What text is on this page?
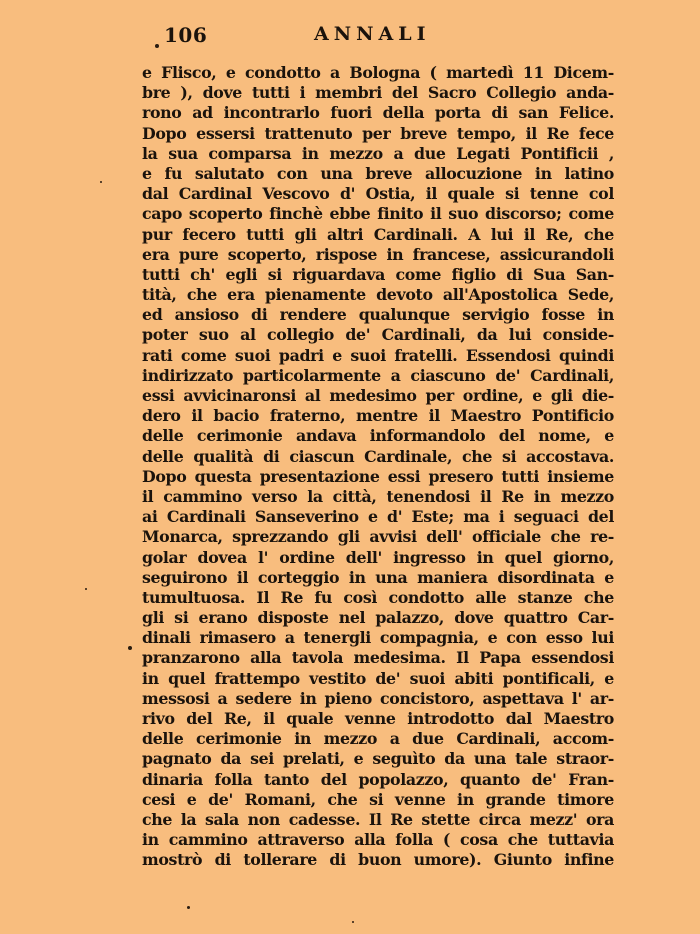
106	ANNALI
e Flisco, e condotto a Bologna ( martedì 11 Dicem-
bre ), dove tutti i membri del Sacro Collegio anda-
rono ad incontrarlo fuori della porta di san Felice.
Dopo essersi trattenuto per breve tempo, il Re fece
la sua comparsa in mezzo a due Legati Pontificii ,
e fu salutato con una breve allocuzione in latino
dal Cardinal Vescovo d' Ostia, il quale si tenne col
capo scoperto finchè ebbe finito il suo discorso; come
pur fecero tutti gli altri Cardinali. A lui il Re, che
era pure scoperto, rispose in francese, assicurandoli
tutti ch' egli si riguardava come figlio di Sua San-
tità, che era pienamente devoto all'Apostolica Sede,
ed ansioso di rendere qualunque servigio fosse in
poter suo al collegio de' Cardinali, da lui conside-
rati come suoi padri e suoi fratelli. Essendosi quindi
indirizzato particolarmente a ciascuno de' Cardinali,
essi avvicinaronsi al medesimo per ordine, e gli die-
dero il bacio fraterno, mentre il Maestro Pontificio
delle cerimonie andava informandolo del nome, e
delle qualità di ciascun Cardinale, che si accostava.
Dopo questa presentazione essi presero tutti insieme
il cammino verso la città, tenendosi il Re in mezzo
ai Cardinali Sanseverino e d' Este; ma i seguaci del
Monarca, sprezzando gli avvisi dell' officiale che re-
golar dovea l' ordine dell' ingresso in quel giorno,
seguirono il corteggio in una maniera disordinata e
tumultuosa. Il Re fu così condotto alle stanze che
gli si erano disposte nel palazzo, dove quattro Car-
dinali rimasero a tenergli compagnia, e con esso lui
pranzarono alla tavola medesima. Il Papa essendosi
in quel frattempo vestito de' suoi abiti pontificali, e
messosi a sedere in pieno concistoro, aspettava l' ar-
rivo del Re, il quale venne introdotto dal Maestro
delle cerimonie in mezzo a due Cardinali, accom-
pagnato da sei prelati, e seguìto da una tale straor-
dinaria folla tanto del popolazzo, quanto de' Fran-
cesi e de' Romani, che si venne in grande timore
che la sala non cadesse. Il Re stette circa mezz' ora
in cammino attraverso alla folla ( cosa che tuttavia
mostrò di tollerare di buon umore). Giunto infine
